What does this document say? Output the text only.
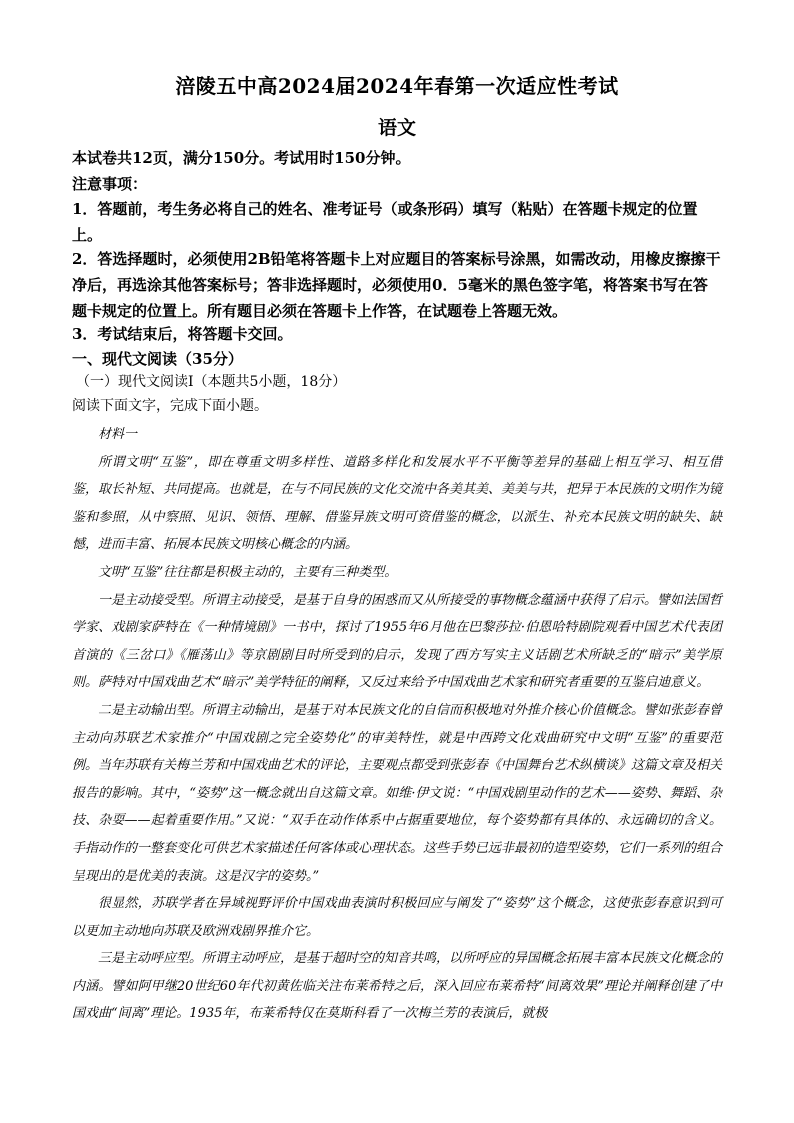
涪陵五中高2024届2024年春第一次适应性考试
语文
本试卷共12页，满分150分。考试用时150分钟。
注意事项：
1．答题前，考生务必将自己的姓名、准考证号（或条形码）填写（粘贴）在答题卡规定的位置上。
2．答选择题时，必须使用2B铅笔将答题卡上对应题目的答案标号涂黑，如需改动，用橡皮擦擦干净后，再选涂其他答案标号；答非选择题时，必须使用0．5毫米的黑色签字笔，将答案书写在答题卡规定的位置上。所有题目必须在答题卡上作答，在试题卷上答题无效。
3．考试结束后，将答题卡交回。
一、现代文阅读（35分）
（一）现代文阅读Ⅰ（本题共5小题，18分）
阅读下面文字，完成下面小题。

材料一

所谓文明“互鉴”，即在尊重文明多样性、道路多样化和发展水平不平衡等差异的基础上相互学习、相互借鉴，取长补短、共同提高。也就是，在与不同民族的文化交流中各美其美、美美与共，把异于本民族的文明作为镜鉴和参照，从中察照、见识、领悟、理解、借鉴异族文明可资借鉴的概念，以派生、补充本民族文明的缺失、缺憾，进而丰富、拓展本民族文明核心概念的内涵。

文明“互鉴”往往都是积极主动的，主要有三种类型。

一是主动接受型。所谓主动接受，是基于自身的困惑而又从所接受的事物概念蕴涵中获得了启示。譬如法国哲学家、戏剧家萨特在《一种情境剧》一书中，探讨了1955年6月他在巴黎莎拉·伯恩哈特剧院观看中国艺术代表团首演的《三岔口》《雁荡山》等京剧剧目时所受到的启示，发现了西方写实主义话剧艺术所缺乏的“暗示”美学原则。萨特对中国戏曲艺术“暗示”美学特征的阐释，又反过来给予中国戏曲艺术家和研究者重要的互鉴启迪意义。

二是主动输出型。所谓主动输出，是基于对本民族文化的自信而积极地对外推介核心价值概念。譬如张彭春曾主动向苏联艺术家推介“中国戏剧之完全姿势化”的审美特性，就是中西跨文化戏曲研究中文明“互鉴”的重要范例。当年苏联有关梅兰芳和中国戏曲艺术的评论，主要观点都受到张彭春《中国舞台艺术纵横谈》这篇文章及相关报告的影响。其中，“姿势”这一概念就出自这篇文章。如维·伊文说：“中国戏剧里动作的艺术——姿势、舞蹈、杂技、杂耍——起着重要作用。”又说：“双手在动作体系中占据重要地位，每个姿势都有具体的、永远确切的含义。手指动作的一整套变化可供艺术家描述任何客体或心理状态。这些手势已远非最初的造型姿势，它们一系列的组合呈现出的是优美的表演。这是汉字的姿势。”

很显然，苏联学者在异域视野评价中国戏曲表演时积极回应与阐发了“姿势”这个概念，这使张彭春意识到可以更加主动地向苏联及欧洲戏剧界推介它。

三是主动呼应型。所谓主动呼应，是基于超时空的知音共鸣，以所呼应的异国概念拓展丰富本民族文化概念的内涵。譬如阿甲继20世纪60年代初黄佐临关注布莱希特之后，深入回应布莱希特“间离效果”理论并阐释创建了中国戏曲“间离”理论。1935年，布莱希特仅在莫斯科看了一次梅兰芳的表演后，就极
